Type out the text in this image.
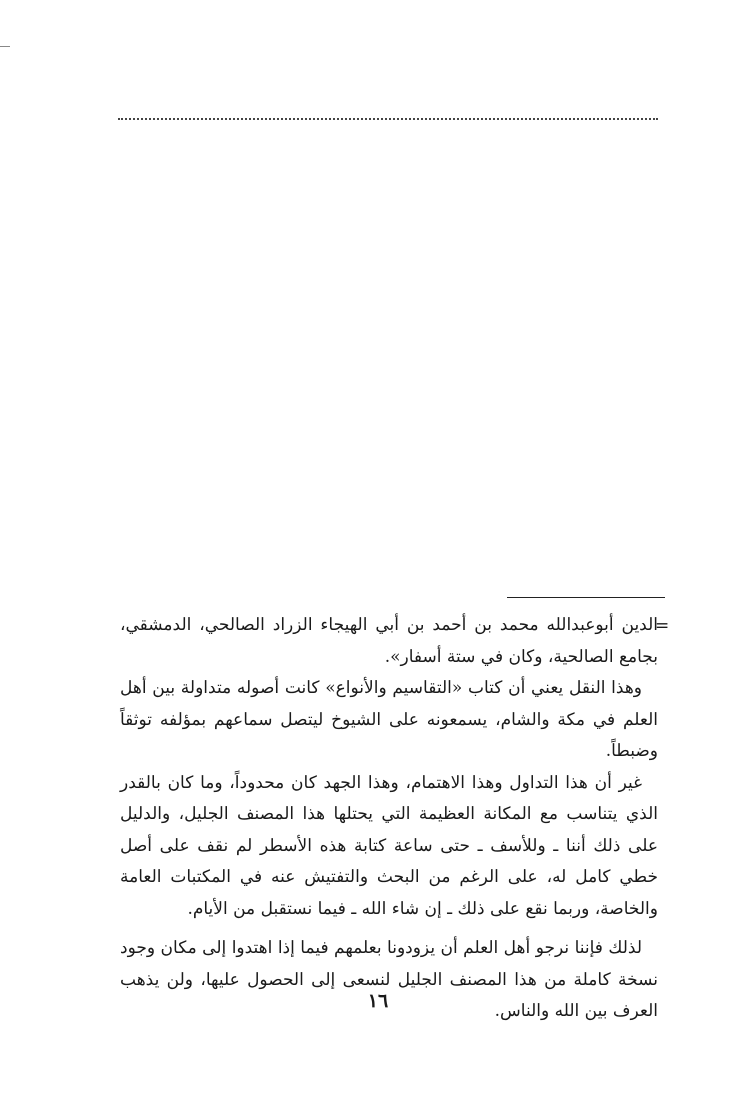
=

الدين أبوعبدالله محمد بن أحمد بن أبي الهيجاء الزراد الصالحي، الدمشقي، بجامع الصالحية، وكان في ستة أسفار».

وهذا النقل يعني أن كتاب «التقاسيم والأنواع» كانت أصوله متداولة بين أهل العلم في مكة والشام، يسمعونه على الشيوخ ليتصل سماعهم بمؤلفه توثقاً وضبطاً.

غير أن هذا التداول وهذا الاهتمام، وهذا الجهد كان محدوداً، وما كان بالقدر الذي يتناسب مع المكانة العظيمة التي يحتلها هذا المصنف الجليل، والدليل على ذلك أننا ـ وللأسف ـ حتى ساعة كتابة هذه الأسطر لم نقف على أصل خطي كامل له، على الرغم من البحث والتفتيش عنه في المكتبات العامة والخاصة، وربما نقع على ذلك ـ إن شاء الله ـ فيما نستقبل من الأيام.

لذلك فإننا نرجو أهل العلم أن يزودونا بعلمهم فيما إذا اهتدوا إلى مكان وجود نسخة كاملة من هذا المصنف الجليل لنسعى إلى الحصول عليها، ولن يذهب العرف بين الله والناس.

١٦
